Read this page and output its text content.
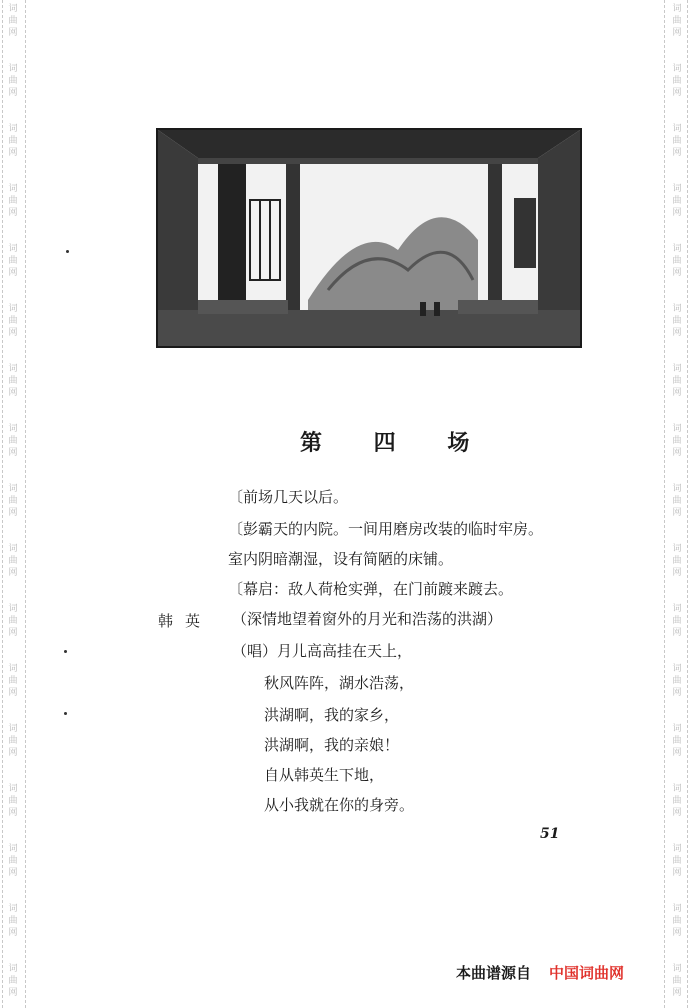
词
曲
网
词
曲
网
词
曲
网
词
曲
网
词
曲
网
词
曲
网
词
曲
网
词
曲
网
词
曲
网
词
曲
网
词
曲
网
词
曲
网
词
曲
网
词
曲
网
词
曲
网
词
曲
网
词
曲
网
词
曲
网
词
曲
网
词
曲
网
词
曲
网
词
曲
网
词
曲
网
词
曲
网
词
曲
网
词
曲
网
词
曲
网
词
曲
网
词
曲
网
词
曲
网
词
曲
网
词
曲
网
词
曲
网
词
曲
网
第 四 场
〔前场几天以后。
〔彭霸天的内院。一间用磨房改装的临时牢房。
室内阴暗潮湿，设有简陋的床铺。
〔幕启：敌人荷枪实弹，在门前踱来踱去。
韩英 （深情地望着窗外的月光和浩荡的洪湖）
（唱）月儿高高挂在天上，
秋风阵阵，湖水浩荡，
洪湖啊，我的家乡，
洪湖啊，我的亲娘！
自从韩英生下地，
从小我就在你的身旁。
51
本曲谱源自 中国词曲网
